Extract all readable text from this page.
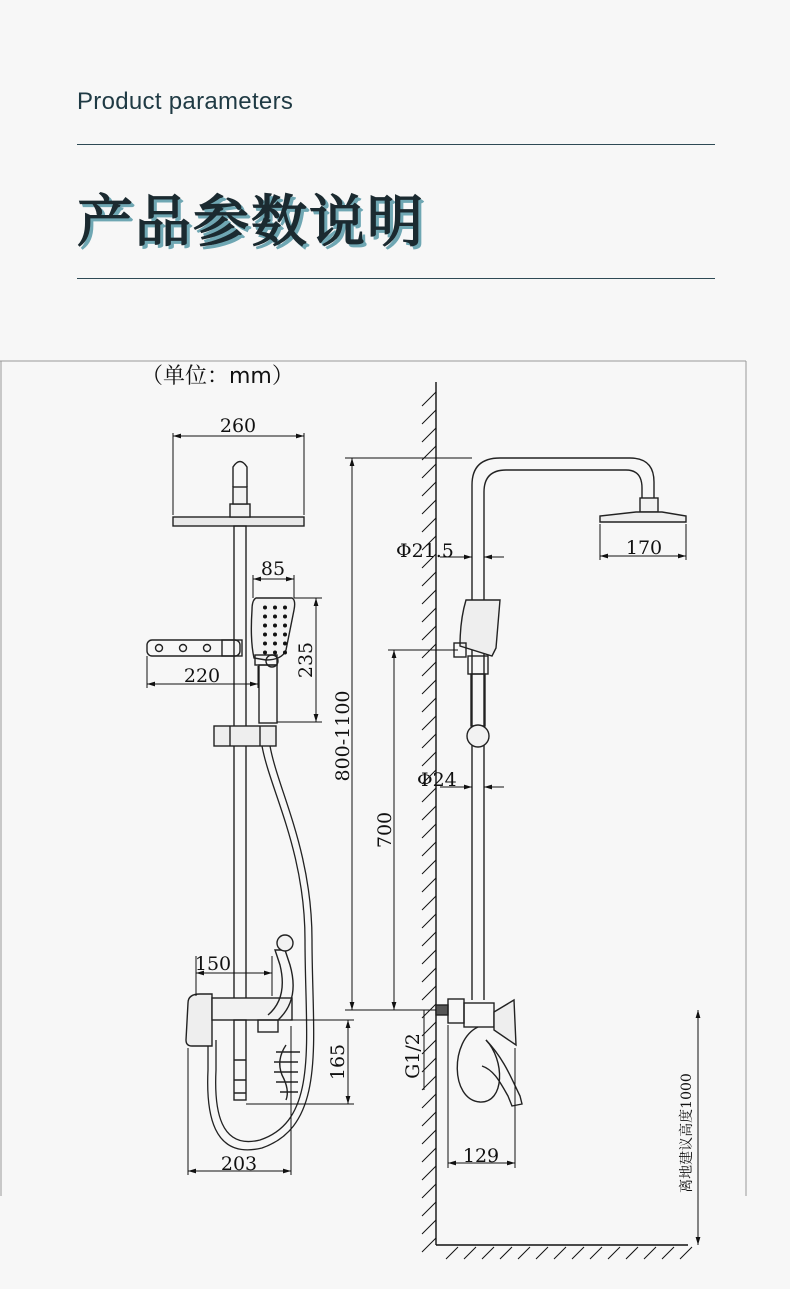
Product parameters
产品参数说明
（单位：mm）
260
85
235
220
150
165
203
800-1100
700
Φ21.5
Φ24
170
G1/2
129	离地建议高度1000
